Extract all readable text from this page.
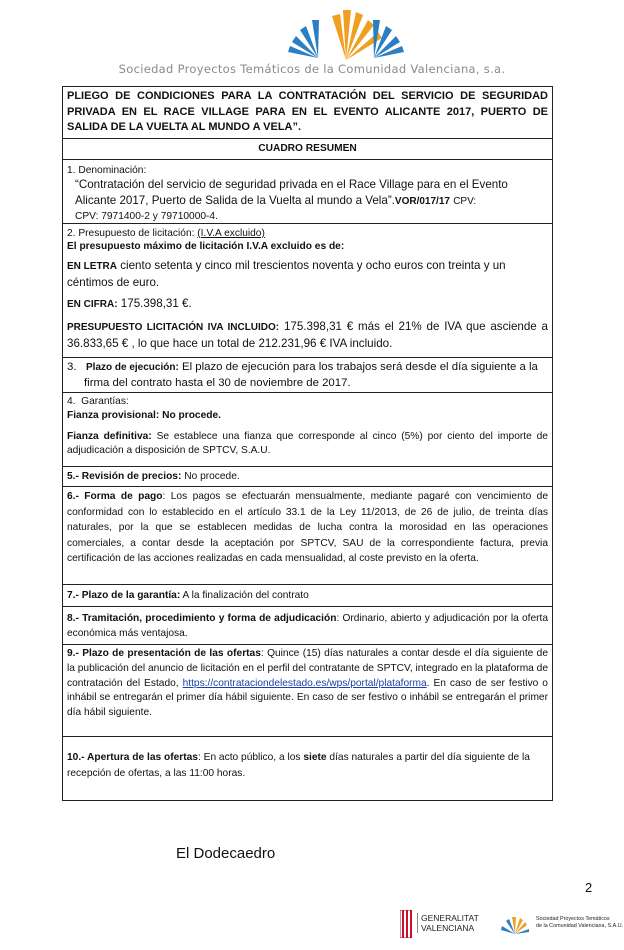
Sociedad Proyectos Temáticos de la Comunidad Valenciana, s.a.

PLIEGO DE CONDICIONES PARA LA CONTRATACIÓN DEL SERVICIO DE SEGURIDAD PRIVADA EN EL RACE VILLAGE PARA EN EL EVENTO ALICANTE 2017, PUERTO DE SALIDA DE LA VUELTA AL MUNDO A VELA”.

CUADRO RESUMEN

1. Denominación:

“Contratación del servicio de seguridad privada en el Race Village para en el Evento Alicante 2017, Puerto de Salida de la Vuelta al mundo a Vela”.VOR/017/17 CPV:

CPV: 7971400-2 y 79710000-4.

2. Presupuesto de licitación: (I.V.A excluido)

El presupuesto máximo de licitación I.V.A excluido es de:

EN LETRA ciento setenta y cinco mil trescientos noventa y ocho euros con treinta y un céntimos de euro.

EN CIFRA: 175.398,31 €.

PRESUPUESTO LICITACIÓN IVA INCLUIDO: 175.398,31 € más el 21% de IVA que asciende a 36.833,65 € , lo que hace un total de 212.231,96 € IVA incluido.

3. Plazo de ejecución: El plazo de ejecución para los trabajos será desde el día siguiente a la firma del contrato hasta el 30 de noviembre de 2017.

4. Garantías:

Fianza provisional: No procede.

Fianza definitiva: Se establece una fianza que corresponde al cinco (5%) por ciento del importe de adjudicación a disposición de SPTCV, S.A.U.

5.- Revisión de precios: No procede.

6.- Forma de pago: Los pagos se efectuarán mensualmente, mediante pagaré con vencimiento de conformidad con lo establecido en el artículo 33.1 de la Ley 11/2013, de 26 de julio, de treinta días naturales, por la que se establecen medidas de lucha contra la morosidad en las operaciones comerciales, a contar desde la aceptación por SPTCV, SAU de la correspondiente factura, previa certificación de las acciones realizadas en cada mensualidad, al coste previsto en la oferta.

7.- Plazo de la garantía: A la finalización del contrato

8.- Tramitación, procedimiento y forma de adjudicación: Ordinario, abierto y adjudicación por la oferta económica más ventajosa.

9.- Plazo de presentación de las ofertas: Quince (15) días naturales a contar desde el día siguiente de la publicación del anuncio de licitación en el perfil del contratante de SPTCV, integrado en la plataforma de contratación del Estado, https://contrataciondelestado.es/wps/portal/plataforma. En caso de ser festivo o inhábil se entregarán el primer día hábil siguiente. En caso de ser festivo o inhábil se entregarán el primer día hábil siguiente.

10.- Apertura de las ofertas: En acto público, a los siete días naturales a partir del día siguiente de la recepción de ofertas, a las 11:00 horas.

El Dodecaedro
2
GENERALITAT
VALENCIANA
Sociedad Proyectos Temáticos
de la Comunidad Valenciana, S.A.U.
